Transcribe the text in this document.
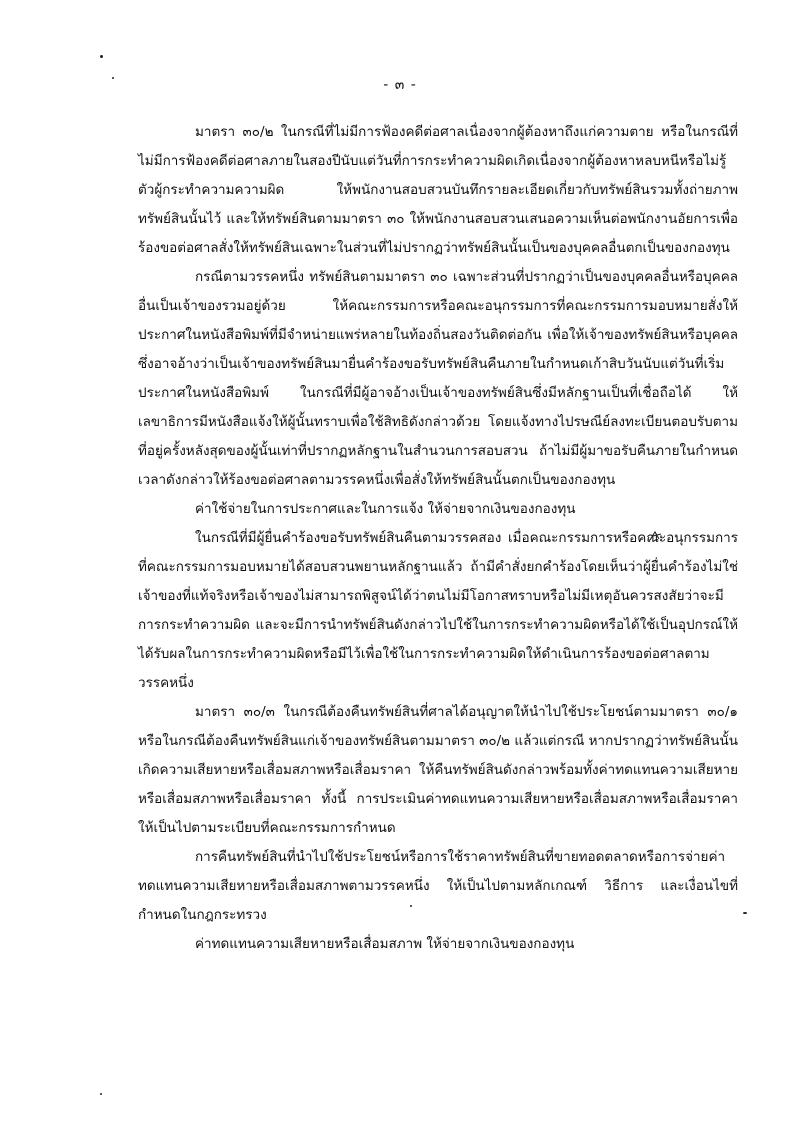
- ๓ -

มาตรา ๓๐/๒ ในกรณีที่ไม่มีการฟ้องคดีต่อศาลเนื่องจากผู้ต้องหาถึงแก่ความตาย หรือในกรณีที่ไม่มีการฟ้องคดีต่อศาลภายในสองปีนับแต่วันที่การกระทำความผิดเกิดเนื่องจากผู้ต้องหาหลบหนีหรือไม่รู้ตัวผู้กระทำความความผิด ให้พนักงานสอบสวนบันทึกรายละเอียดเกี่ยวกับทรัพย์สินรวมทั้งถ่ายภาพทรัพย์สินนั้นไว้ และให้ทรัพย์สินตามมาตรา ๓๐ ให้พนักงานสอบสวนเสนอความเห็นต่อพนักงานอัยการเพื่อร้องขอต่อศาลสั่งให้ทรัพย์สินเฉพาะในส่วนที่ไม่ปรากฏว่าทรัพย์สินนั้นเป็นของบุคคลอื่นตกเป็นของกองทุน

กรณีตามวรรคหนึ่ง ทรัพย์สินตามมาตรา ๓๐ เฉพาะส่วนที่ปรากฏว่าเป็นของบุคคลอื่นหรือบุคคลอื่นเป็นเจ้าของรวมอยู่ด้วย ให้คณะกรรมการหรือคณะอนุกรรมการที่คณะกรรมการมอบหมายสั่งให้ประกาศในหนังสือพิมพ์ที่มีจำหน่ายแพร่หลายในท้องถิ่นสองวันติดต่อกัน เพื่อให้เจ้าของทรัพย์สินหรือบุคคลซึ่งอาจอ้างว่าเป็นเจ้าของทรัพย์สินมายื่นคำร้องขอรับทรัพย์สินคืนภายในกำหนดเก้าสิบวันนับแต่วันที่เริ่มประกาศในหนังสือพิมพ์ ในกรณีที่มีผู้อาจอ้างเป็นเจ้าของทรัพย์สินซึ่งมีหลักฐานเป็นที่เชื่อถือได้ ให้เลขาธิการมีหนังสือแจ้งให้ผู้นั้นทราบเพื่อใช้สิทธิดังกล่าวด้วย โดยแจ้งทางไปรษณีย์ลงทะเบียนตอบรับตามที่อยู่ครั้งหลังสุดของผู้นั้นเท่าที่ปรากฏหลักฐานในสำนวนการสอบสวน ถ้าไม่มีผู้มาขอรับคืนภายในกำหนดเวลาดังกล่าวให้ร้องขอต่อศาลตามวรรคหนึ่งเพื่อสั่งให้ทรัพย์สินนั้นตกเป็นของกองทุน

ค่าใช้จ่ายในการประกาศและในการแจ้ง ให้จ่ายจากเงินของกองทุน

ในกรณีที่มีผู้ยื่นคำร้องขอรับทรัพย์สินคืนตามวรรคสอง เมื่อคณะกรรมการหรือคณะอนุกรรมการที่คณะกรรมการมอบหมายได้สอบสวนพยานหลักฐานแล้ว ถ้ามีคำสั่งยกคำร้องโดยเห็นว่าผู้ยื่นคำร้องไม่ใช่เจ้าของที่แท้จริงหรือเจ้าของไม่สามารถพิสูจน์ได้ว่าตนไม่มีโอกาสทราบหรือไม่มีเหตุอันควรสงสัยว่าจะมีการกระทำความผิด และจะมีการนำทรัพย์สินดังกล่าวไปใช้ในการกระทำความผิดหรือได้ใช้เป็นอุปกรณ์ให้ได้รับผลในการกระทำความผิดหรือมีไว้เพื่อใช้ในการกระทำความผิดให้ดำเนินการร้องขอต่อศาลตามวรรคหนึ่ง

มาตรา ๓๐/๓ ในกรณีต้องคืนทรัพย์สินที่ศาลได้อนุญาตให้นำไปใช้ประโยชน์ตามมาตรา ๓๐/๑ หรือในกรณีต้องคืนทรัพย์สินแก่เจ้าของทรัพย์สินตามมาตรา ๓๐/๒ แล้วแต่กรณี หากปรากฏว่าทรัพย์สินนั้นเกิดความเสียหายหรือเสื่อมสภาพหรือเสื่อมราคา ให้คืนทรัพย์สินดังกล่าวพร้อมทั้งค่าทดแทนความเสียหายหรือเสื่อมสภาพหรือเสื่อมราคา ทั้งนี้ การประเมินค่าทดแทนความเสียหายหรือเสื่อมสภาพหรือเสื่อมราคาให้เป็นไปตามระเบียบที่คณะกรรมการกำหนด

การคืนทรัพย์สินที่นำไปใช้ประโยชน์หรือการใช้ราคาทรัพย์สินที่ขายทอดตลาดหรือการจ่ายค่าทดแทนความเสียหายหรือเสื่อมสภาพตามวรรคหนึ่ง ให้เป็นไปตามหลักเกณฑ์ วิธีการ และเงื่อนไขที่กำหนดในกฎกระทรวง

ค่าทดแทนความเสียหายหรือเสื่อมสภาพ ให้จ่ายจากเงินของกองทุน
